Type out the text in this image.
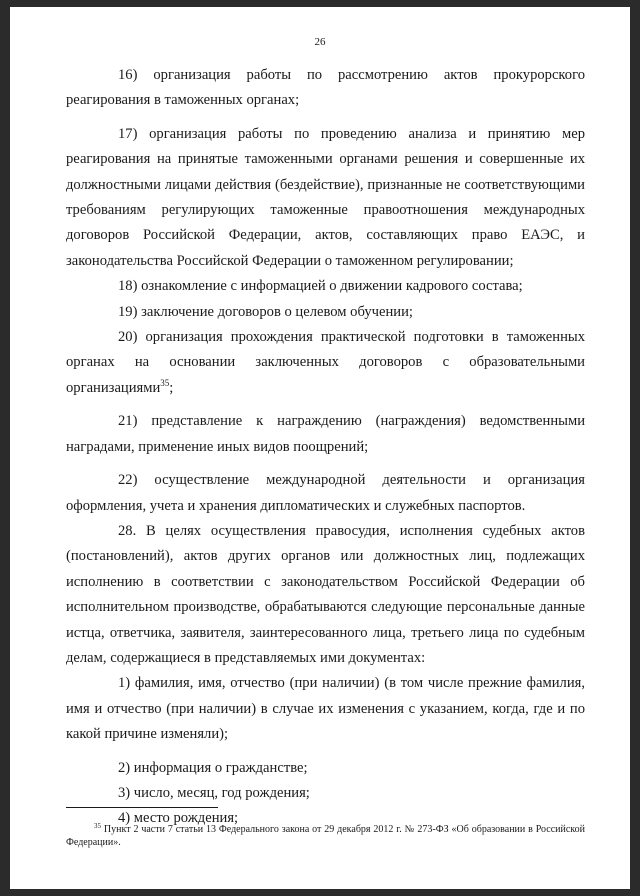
26

16) организация работы по рассмотрению актов прокурорского реагирования в таможенных органах;

17) организация работы по проведению анализа и принятию мер реагирования на принятые таможенными органами решения и совершенные их должностными лицами действия (бездействие), признанные не соответствующими требованиям регулирующих таможенные правоотношения международных договоров Российской Федерации, актов, составляющих право ЕАЭС, и законодательства Российской Федерации о таможенном регулировании;

18) ознакомление с информацией о движении кадрового состава;

19) заключение договоров о целевом обучении;

20) организация прохождения практической подготовки в таможенных органах на основании заключенных договоров с образовательными организациями$^{35}$;

21) представление к награждению (награждения) ведомственными наградами, применение иных видов поощрений;

22) осуществление международной деятельности и организация оформления, учета и хранения дипломатических и служебных паспортов.

28. В целях осуществления правосудия, исполнения судебных актов (постановлений), актов других органов или должностных лиц, подлежащих исполнению в соответствии с законодательством Российской Федерации об исполнительном производстве, обрабатываются следующие персональные данные истца, ответчика, заявителя, заинтересованного лица, третьего лица по судебным делам, содержащиеся в представляемых ими документах:

1) фамилия, имя, отчество (при наличии) (в том числе прежние фамилия, имя и отчество (при наличии) в случае их изменения с указанием, когда, где и по какой причине изменяли);

2) информация о гражданстве;

3) число, месяц, год рождения;

4) место рождения;

$^{35}$ Пункт 2 части 7 статьи 13 Федерального закона от 29 декабря 2012 г. № 273-ФЗ «Об образовании в Российской Федерации».
